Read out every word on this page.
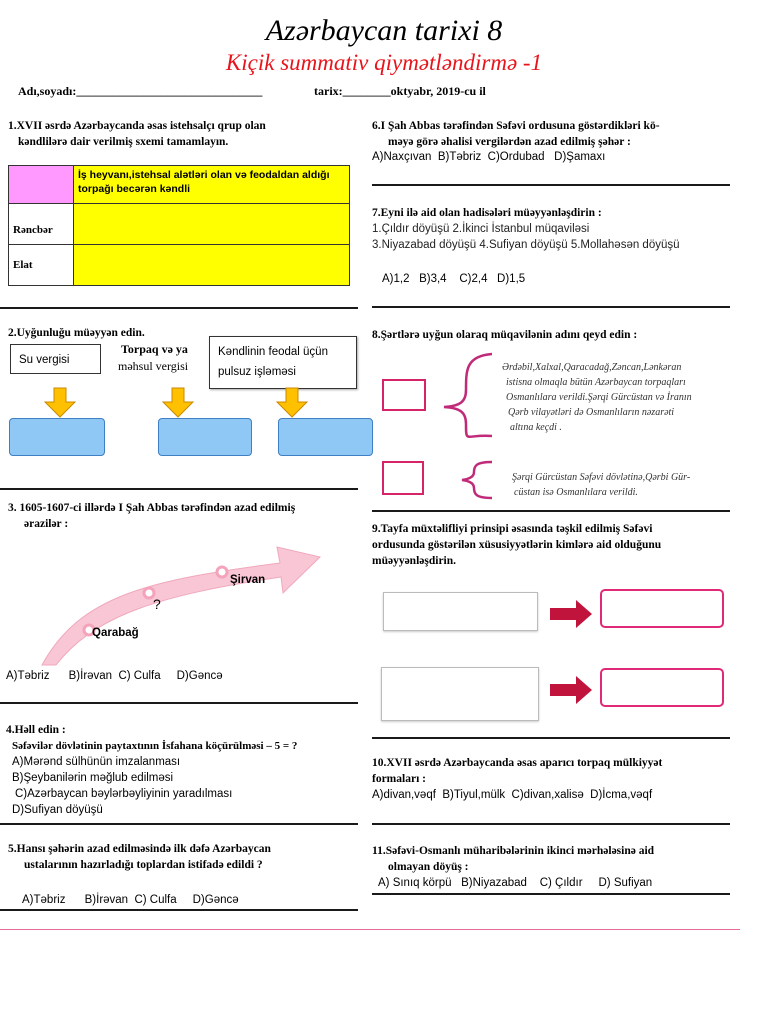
Azərbaycan tarixi 8
Kiçik summativ qiymətləndirmə -1
Adı,soyadı:_______________________________	tarix:________oktyabr, 2019-cu il
1.XVII əsrdə Azərbaycanda əsas istehsalçı qrup olan
kəndlilərə dair verilmiş sxemi tamamlayın.
	İş heyvanı,istehsal alətləri olan və feodaldan aldığı torpağı becərən kəndli
Rəncbər	
Elat	
2.Uyğunluğu müəyyən edin.
Su vergisi
Torpaq və ya
məhsul vergisi
Kəndlinin feodal üçün
pulsuz işləməsi
3. 1605-1607-ci illərdə I Şah Abbas tərəfindən azad edilmiş
ərazilər :
Qarabağ
?
Şirvan
A)Təbriz      B)İrəvan  C) Culfa     D)Gəncə
4.Həll edin :
Səfəvilər dövlətinin paytaxtının İsfahana köçürülməsi – 5 = ?
A)Mərənd sülhünün imzalanması
B)Şeybanilərin məğlub edilməsi
C)Azərbaycan bəylərbəyliyinin yaradılması
D)Sufiyan döyüşü
5.Hansı şəhərin azad edilməsində ilk dəfə Azərbaycan
ustalarının hazırladığı toplardan istifadə edildi ?
A)Təbriz      B)İrəvan  C) Culfa     D)Gəncə
6.I Şah Abbas tərəfindən Səfəvi ordusuna göstərdikləri kö-
məyə görə əhalisi vergilərdən azad edilmiş şəhər :
A)Naxçıvan  B)Təbriz  C)Ordubad   D)Şamaxı
7.Eyni ilə aid olan hadisələri müəyyənləşdirin :
1.Çıldır döyüşü 2.İkinci İstanbul müqaviləsi
3.Niyazabad döyüşü 4.Sufiyan döyüşü 5.Mollahəsən döyüşü
A)1,2   B)3,4    C)2,4   D)1,5
8.Şərtlərə uyğun olaraq müqavilənin adını qeyd edin :
Ərdəbil,Xalxal,Qaracadağ,Zəncan,Lənkəran
istisna olmaqla bütün Azərbaycan torpaqları
Osmanlılara verildi.Şərqi Gürcüstan və İranın
Qərb vilayətləri də Osmanlıların nəzarəti
altına keçdi .
Şərqi Gürcüstan Səfəvi dövlətinə,Qərbi Gür-
cüstan isə Osmanlılara verildi.
9.Tayfa müxtəlifliyi prinsipi əsasında təşkil edilmiş Səfəvi
ordusunda göstərilən xüsusiyyətlərin kimlərə aid olduğunu
müəyyənləşdirin.
10.XVII əsrdə Azərbaycanda əsas aparıcı torpaq mülkiyyət
formaları :
A)divan,vəqf  B)Tiyul,mülk  C)divan,xalisə  D)İcma,vəqf
11.Səfəvi-Osmanlı müharibələrinin ikinci mərhələsinə aid
olmayan döyüş :
A) Sınıq körpü   B)Niyazabad    C) Çıldır     D) Sufiyan
